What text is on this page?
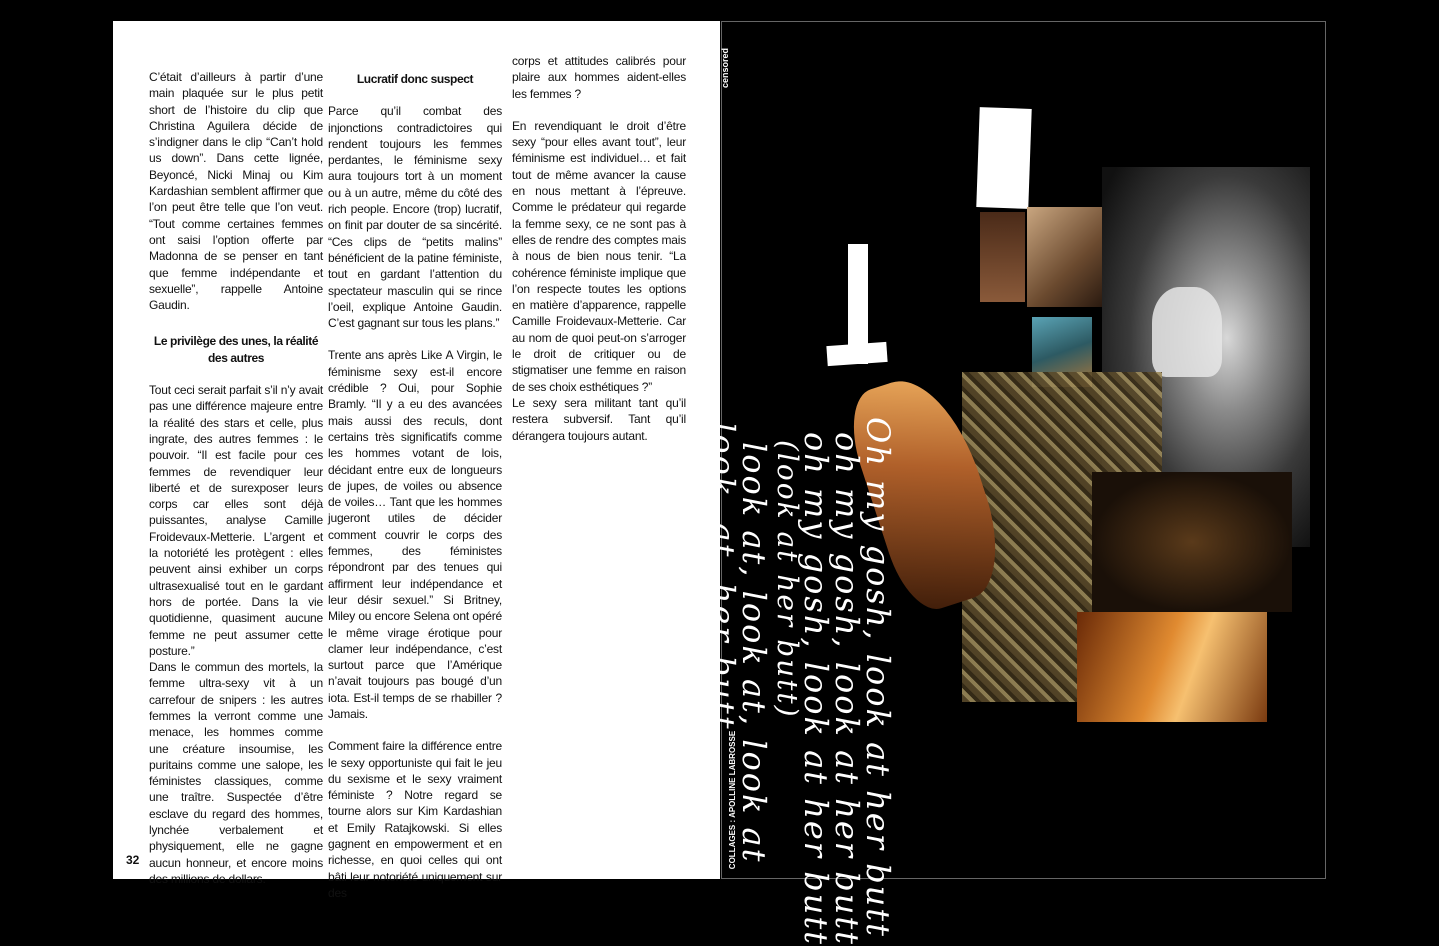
C’était d’ailleurs à partir d’une main plaquée sur le plus petit short de l’histoire du clip que Christina Aguilera décide de s’indigner dans le clip “Can’t hold us down”. Dans cette lignée, Beyoncé, Nicki Minaj ou Kim Kardashian semblent affirmer que l’on peut être telle que l’on veut. “Tout comme certaines femmes ont saisi l’option offerte par Madonna de se penser en tant que femme indépendante et sexuelle”, rappelle Antoine Gaudin.

Le privilège des unes, la réalité des autres

Tout ceci serait parfait s’il n’y avait pas une différence majeure entre la réalité des stars et celle, plus ingrate, des autres femmes : le pouvoir. “Il est facile pour ces femmes de revendiquer leur liberté et de surexposer leurs corps car elles sont déjà puissantes, analyse Camille Froidevaux-Metterie. L’argent et la notoriété les protègent : elles peuvent ainsi exhiber un corps ultrasexualisé tout en le gardant hors de portée. Dans la vie quotidienne, quasiment aucune femme ne peut assumer cette posture.”

Dans le commun des mortels, la femme ultra-sexy vit à un carrefour de snipers : les autres femmes la verront comme une menace, les hommes comme une créature insoumise, les puritains comme une salope, les féministes classiques, comme une traître. Suspectée d’être esclave du regard des hommes, lynchée verbalement et physiquement, elle ne gagne aucun honneur, et encore moins des millions de dollars.

Lucratif donc suspect

Parce qu’il combat des injonctions contradictoires qui rendent toujours les femmes perdantes, le féminisme sexy aura toujours tort à un moment ou à un autre, même du côté des rich people. Encore (trop) lucratif, on finit par douter de sa sincérité. “Ces clips de “petits malins” bénéficient de la patine féministe, tout en gardant l’attention du spectateur masculin qui se rince l’oeil, explique Antoine Gaudin. C’est gagnant sur tous les plans.”

Trente ans après Like A Virgin, le féminisme sexy est-il encore crédible ? Oui, pour Sophie Bramly. “Il y a eu des avancées mais aussi des reculs, dont certains très significatifs comme les hommes votant de lois, décidant entre eux de longueurs de jupes, de voiles ou absence de voiles… Tant que les hommes jugeront utiles de décider comment couvrir le corps des femmes, des féministes répondront par des tenues qui affirment leur indépendance et leur désir sexuel.” Si Britney, Miley ou encore Selena ont opéré le même virage érotique pour clamer leur indépendance, c’est surtout parce que l’Amérique n’avait toujours pas bougé d’un iota. Est-il temps de se rhabiller ? Jamais.

Comment faire la différence entre le sexy opportuniste qui fait le jeu du sexisme et le sexy vraiment féministe ? Notre regard se tourne alors sur Kim Kardashian et Emily Ratajkowski. Si elles gagnent en empowerment et en richesse, en quoi celles qui ont bâti leur notoriété uniquement sur des

corps et attitudes calibrés pour plaire aux hommes aident-elles les femmes ?

En revendiquant le droit d’être sexy “pour elles avant tout”, leur féminisme est individuel… et fait tout de même avancer la cause en nous mettant à l’épreuve. Comme le prédateur qui regarde la femme sexy, ce ne sont pas à elles de rendre des comptes mais à nous de bien nous tenir. “La cohérence féministe implique que l’on respecte toutes les options en matière d’apparence, rappelle Camille Froidevaux-Metterie. Car au nom de quoi peut-on s’arroger le droit de critiquer ou de stigmatiser une femme en raison de ses choix esthétiques ?”

Le sexy sera militant tant qu’il restera subversif. Tant qu’il dérangera toujours autant.

32
censored
COLLAGES : APOLLINE LABROSSE	Oh my gosh, look at her butt
oh my gosh, look at her butt
oh my gosh, look at her butt
(look at her butt)
look at, look at, look at
look, at, her butt
